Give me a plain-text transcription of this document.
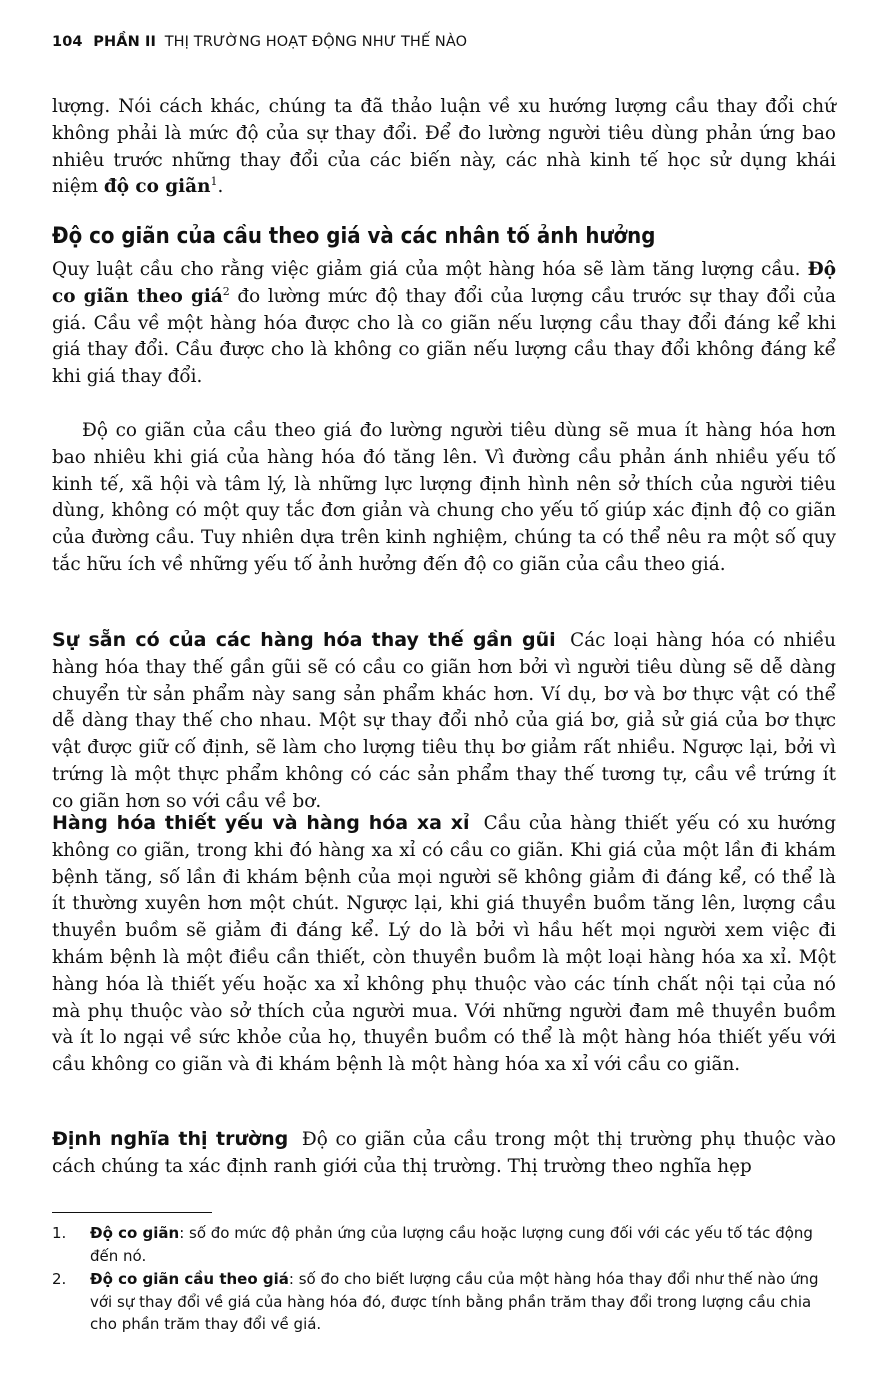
104 PHẦN II THỊ TRƯỜNG HOẠT ĐỘNG NHƯ THẾ NÀO
lượng. Nói cách khác, chúng ta đã thảo luận về xu hướng lượng cầu thay đổi chứ không phải là mức độ của sự thay đổi. Để đo lường người tiêu dùng phản ứng bao nhiêu trước những thay đổi của các biến này, các nhà kinh tế học sử dụng khái niệm độ co giãn$^1$.
Độ co giãn của cầu theo giá và các nhân tố ảnh hưởng
Quy luật cầu cho rằng việc giảm giá của một hàng hóa sẽ làm tăng lượng cầu. Độ co giãn theo giá$^2$ đo lường mức độ thay đổi của lượng cầu trước sự thay đổi của giá. Cầu về một hàng hóa được cho là co giãn nếu lượng cầu thay đổi đáng kể khi giá thay đổi. Cầu được cho là không co giãn nếu lượng cầu thay đổi không đáng kể khi giá thay đổi.
Độ co giãn của cầu theo giá đo lường người tiêu dùng sẽ mua ít hàng hóa hơn bao nhiêu khi giá của hàng hóa đó tăng lên. Vì đường cầu phản ánh nhiều yếu tố kinh tế, xã hội và tâm lý, là những lực lượng định hình nên sở thích của người tiêu dùng, không có một quy tắc đơn giản và chung cho yếu tố giúp xác định độ co giãn của đường cầu. Tuy nhiên dựa trên kinh nghiệm, chúng ta có thể nêu ra một số quy tắc hữu ích về những yếu tố ảnh hưởng đến độ co giãn của cầu theo giá.
Sự sẵn có của các hàng hóa thay thế gần gũi Các loại hàng hóa có nhiều hàng hóa thay thế gần gũi sẽ có cầu co giãn hơn bởi vì người tiêu dùng sẽ dễ dàng chuyển từ sản phẩm này sang sản phẩm khác hơn. Ví dụ, bơ và bơ thực vật có thể dễ dàng thay thế cho nhau. Một sự thay đổi nhỏ của giá bơ, giả sử giá của bơ thực vật được giữ cố định, sẽ làm cho lượng tiêu thụ bơ giảm rất nhiều. Ngược lại, bởi vì trứng là một thực phẩm không có các sản phẩm thay thế tương tự, cầu về trứng ít co giãn hơn so với cầu về bơ.
Hàng hóa thiết yếu và hàng hóa xa xỉ Cầu của hàng thiết yếu có xu hướng không co giãn, trong khi đó hàng xa xỉ có cầu co giãn. Khi giá của một lần đi khám bệnh tăng, số lần đi khám bệnh của mọi người sẽ không giảm đi đáng kể, có thể là ít thường xuyên hơn một chút. Ngược lại, khi giá thuyền buồm tăng lên, lượng cầu thuyền buồm sẽ giảm đi đáng kể. Lý do là bởi vì hầu hết mọi người xem việc đi khám bệnh là một điều cần thiết, còn thuyền buồm là một loại hàng hóa xa xỉ. Một hàng hóa là thiết yếu hoặc xa xỉ không phụ thuộc vào các tính chất nội tại của nó mà phụ thuộc vào sở thích của người mua. Với những người đam mê thuyền buồm và ít lo ngại về sức khỏe của họ, thuyền buồm có thể là một hàng hóa thiết yếu với cầu không co giãn và đi khám bệnh là một hàng hóa xa xỉ với cầu co giãn.
Định nghĩa thị trường Độ co giãn của cầu trong một thị trường phụ thuộc vào cách chúng ta xác định ranh giới của thị trường. Thị trường theo nghĩa hẹp
1. Độ co giãn: số đo mức độ phản ứng của lượng cầu hoặc lượng cung đối với các yếu tố tác động đến nó.
2. Độ co giãn cầu theo giá: số đo cho biết lượng cầu của một hàng hóa thay đổi như thế nào ứng với sự thay đổi về giá của hàng hóa đó, được tính bằng phần trăm thay đổi trong lượng cầu chia cho phần trăm thay đổi về giá.
